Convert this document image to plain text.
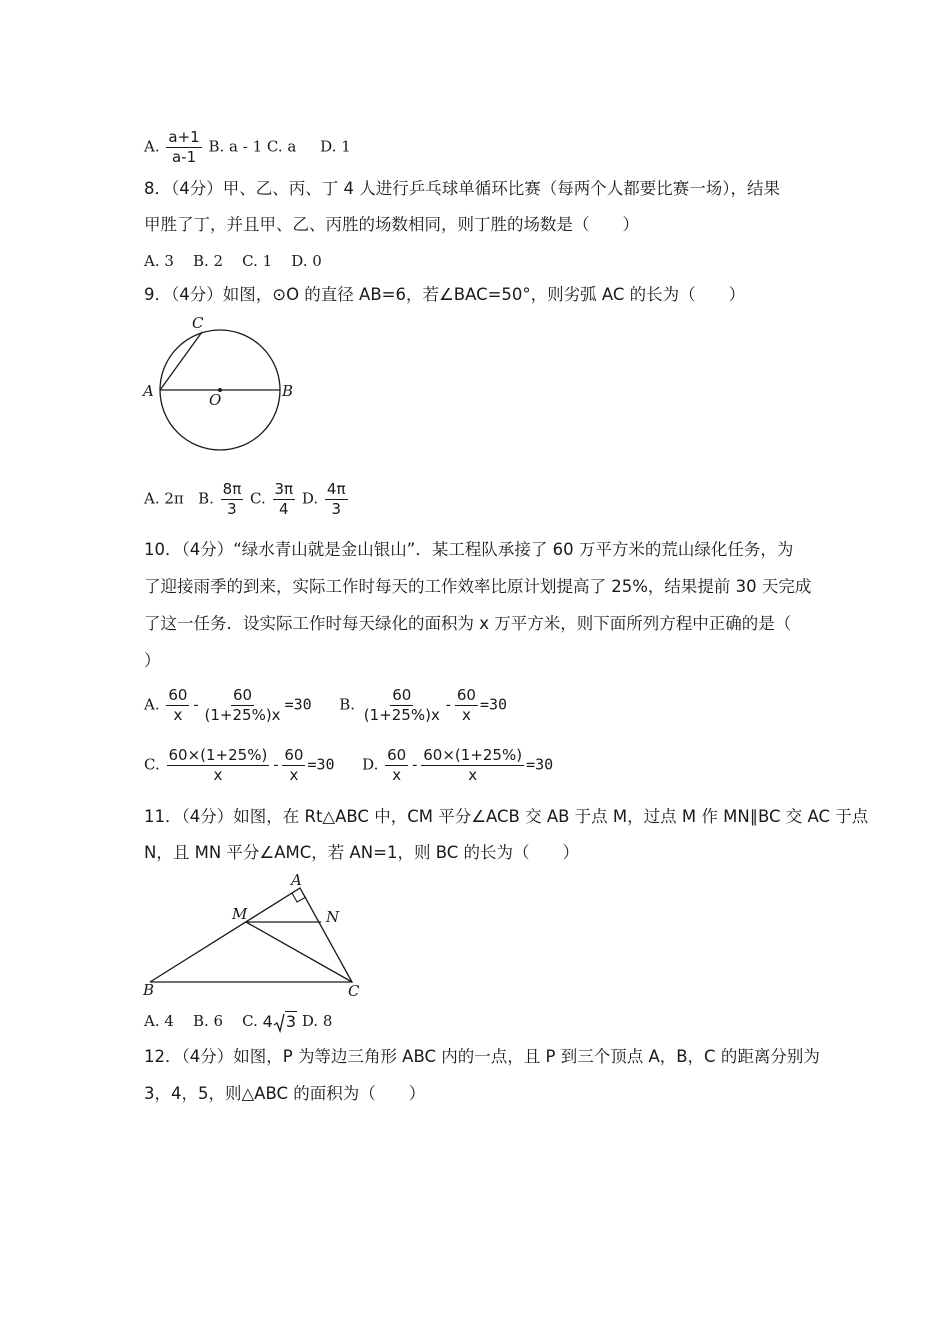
A. $\frac{a+1}{a-1} B$. a - 1 C. a     D. 1
8．（4分）甲、乙、丙、丁 4 人进行乒乓球单循环比赛（每两个人都要比赛一场），结果
甲胜了丁，并且甲、乙、丙胜的场数相同，则丁胜的场数是（　　）
A. 3    B. 2    C. 1    D. 0
9．（4分）如图，⊙O 的直径 AB=6，若∠BAC=50°，则劣弧 AC 的长为（　　）
C
A	O	B
A. 2π   B. $\frac{8\pi}{3} C$. $\frac{3\pi}{4} D$. $\frac{4\pi}{3}$
10．（4分）“绿水青山就是金山银山”．某工程队承接了 60 万平方米的荒山绿化任务，为
了迎接雨季的到来，实际工作时每天的工作效率比原计划提高了 25%，结果提前 30 天完成
了这一任务．设实际工作时每天绿化的面积为 x 万平方米，则下面所列方程中正确的是（
）
A. $\frac{60}{x} - \frac{60}{(1+25\%)x} =30$ B. $\frac{60}{(1+25\%)x} - \frac{60}{x} =30$
C. $\frac{60\times(1+25\%)}{x} - \frac{60}{x} =30$ D. $\frac{60}{x} - \frac{60\times(1+25\%)}{x} =30$
11．（4分）如图，在 Rt△ABC 中，CM 平分∠ACB 交 AB 于点 M，过点 M 作 MN∥BC 交 AC 于点
N，且 MN 平分∠AMC，若 AN=1，则 BC 的长为（　　）
A
M	N
B	C
A. 4    B. 6    C. 4 3 D. 8
12．（4分）如图，P 为等边三角形 ABC 内的一点，且 P 到三个顶点 A，B，C 的距离分别为
3，4，5，则△ABC 的面积为（　　）
